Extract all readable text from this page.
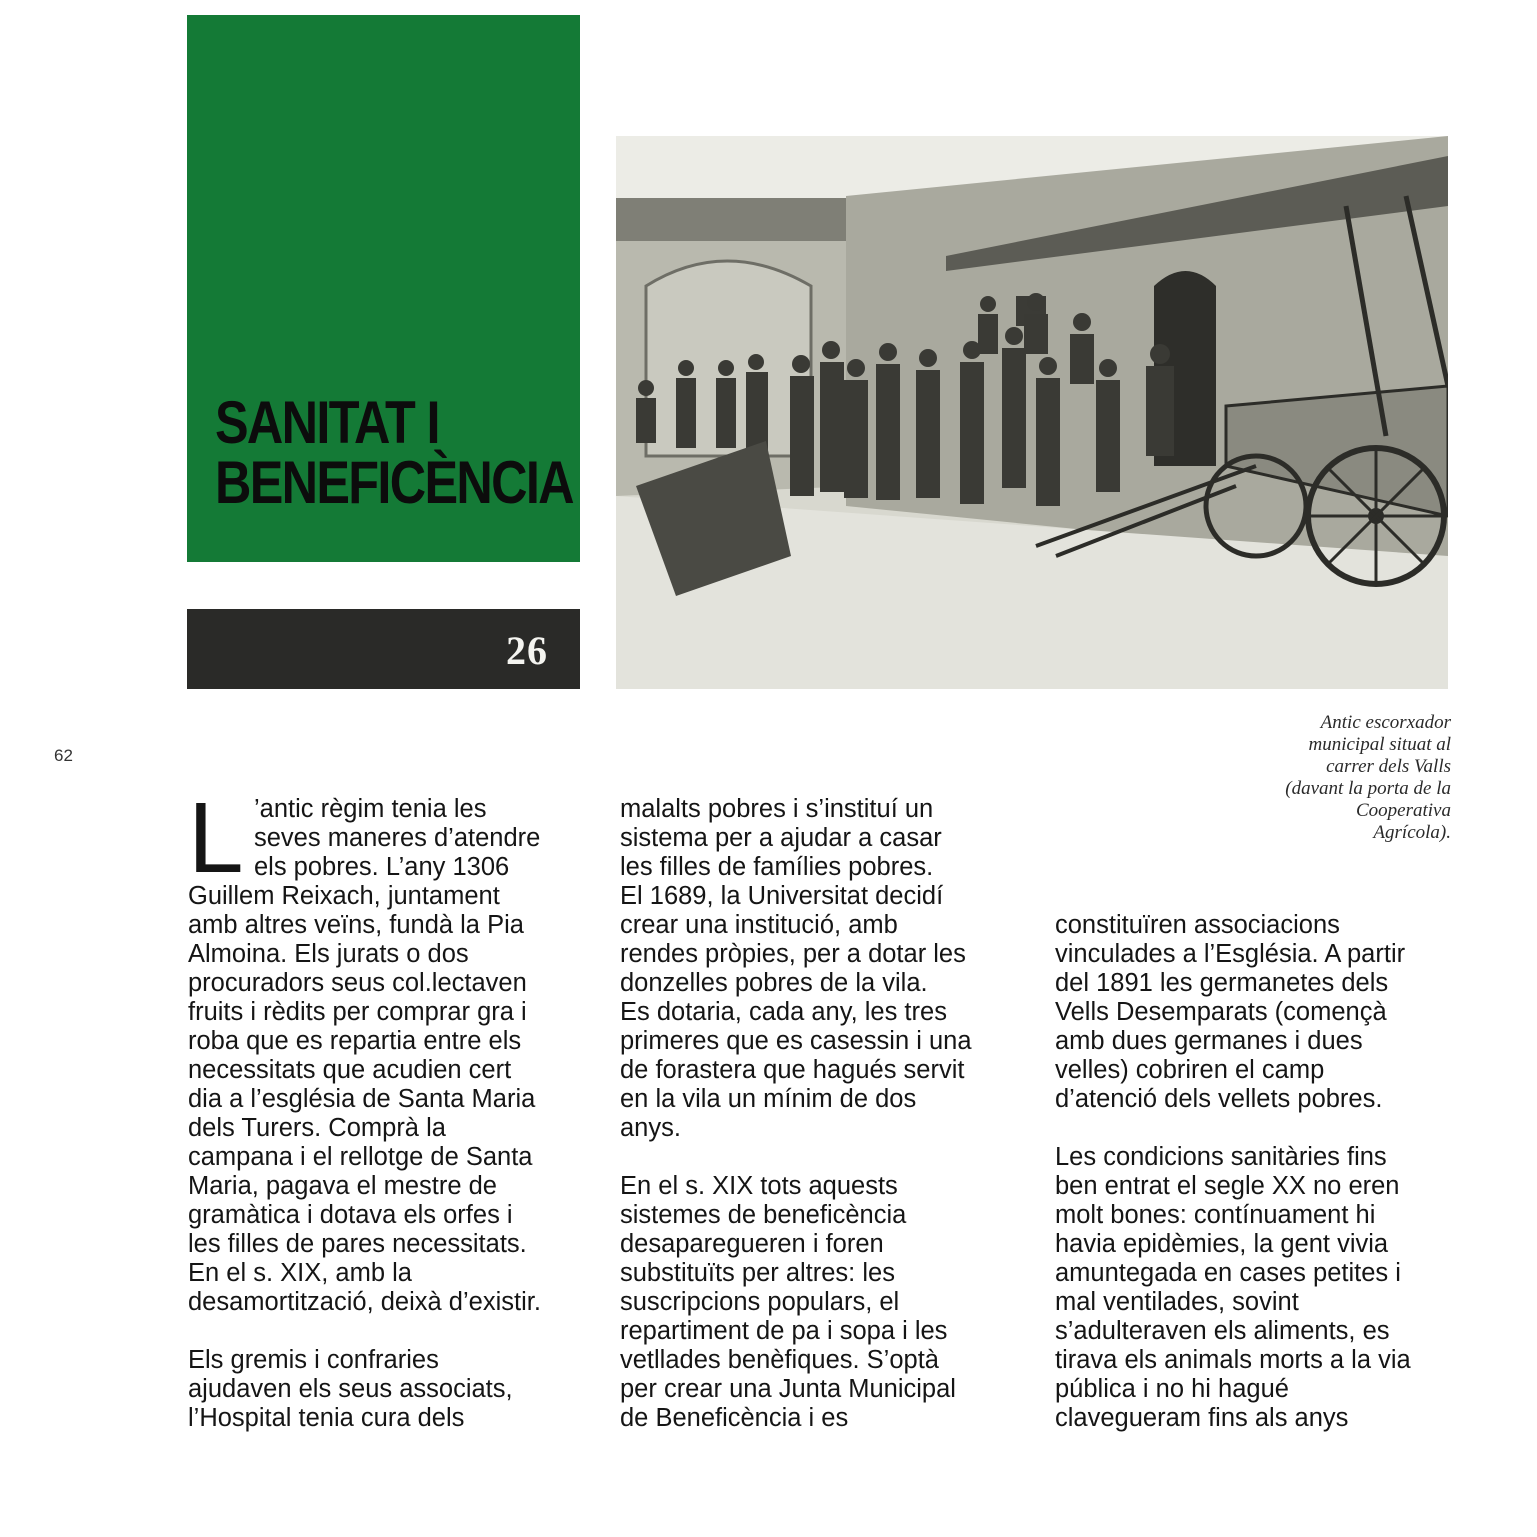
SANITAT I
BENEFICÈNCIA
26
Antic escorxador
municipal situat al
carrer dels Valls
(davant la porta de la
Cooperativa
Agrícola).
62

L ’antic règim tenia les
seves maneres d’atendre
els pobres. L’any 1306
Guillem Reixach, juntament
amb altres veïns, fundà la Pia
Almoina. Els jurats o dos
procuradors seus col.lectaven
fruits i rèdits per comprar gra i
roba que es repartia entre els
necessitats que acudien cert
dia a l’església de Santa Maria
dels Turers. Comprà la
campana i el rellotge de Santa
Maria, pagava el mestre de
gramàtica i dotava els orfes i
les filles de pares necessitats.
En el s. XIX, amb la
desamortització, deixà d’existir.

Els gremis i confraries
ajudaven els seus associats,
l’Hospital tenia cura dels

malalts pobres i s’instituí un
sistema per a ajudar a casar
les filles de famílies pobres.
El 1689, la Universitat decidí
crear una institució, amb
rendes pròpies, per a dotar les
donzelles pobres de la vila.
Es dotaria, cada any, les tres
primeres que es casessin i una
de forastera que hagués servit
en la vila un mínim de dos
anys.

En el s. XIX tots aquests
sistemes de beneficència
desaparegueren i foren
substituïts per altres: les
suscripcions populars, el
repartiment de pa i sopa i les
vetllades benèfiques. S’optà
per crear una Junta Municipal
de Beneficència i es

constituïren associacions
vinculades a l’Església. A partir
del 1891 les germanetes dels
Vells Desemparats (començà
amb dues germanes i dues
velles) cobriren el camp
d’atenció dels vellets pobres.

Les condicions sanitàries fins
ben entrat el segle XX no eren
molt bones: contínuament hi
havia epidèmies, la gent vivia
amuntegada en cases petites i
mal ventilades, sovint
s’adulteraven els aliments, es
tirava els animals morts a la via
pública i no hi hagué
clavegueram fins als anys
